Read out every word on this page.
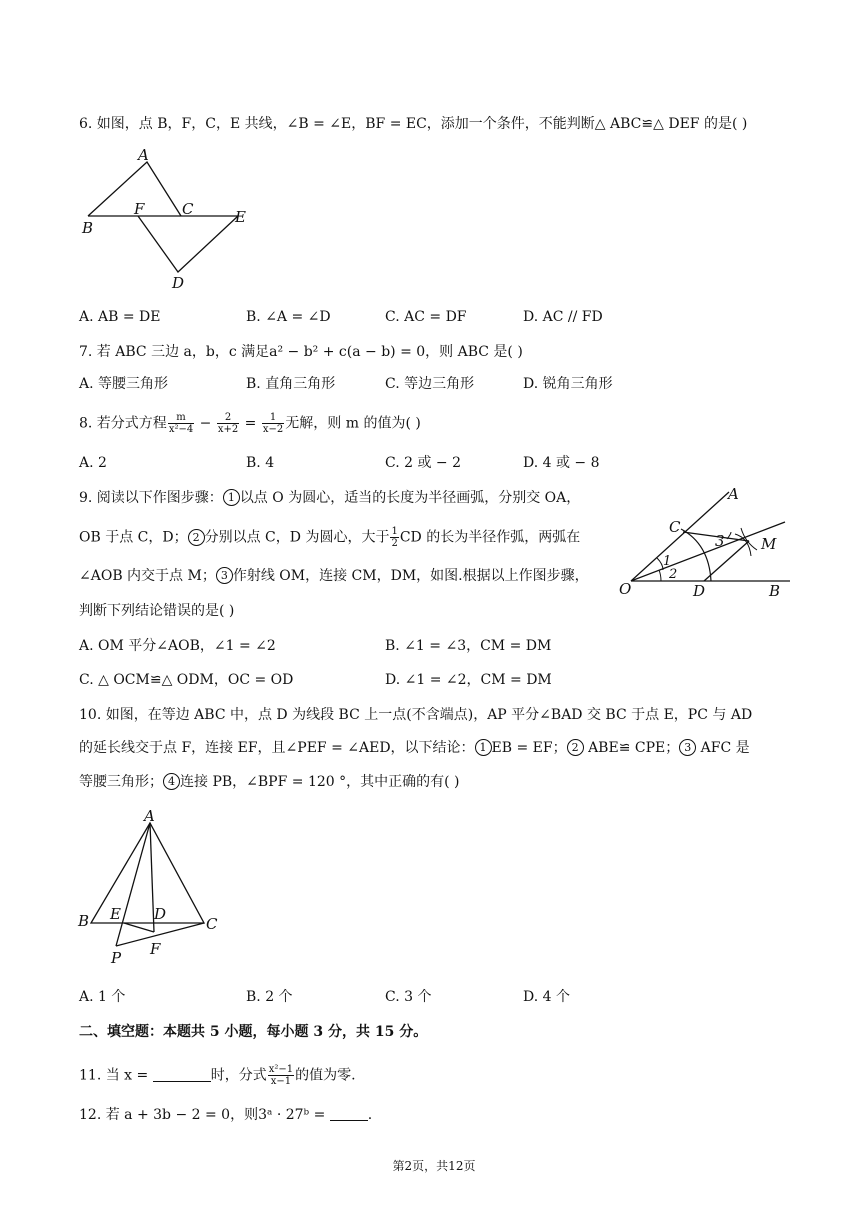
6. 如图，点 B，F，C，E 共线，∠B = ∠E，BF = EC，添加一个条件，不能判断△ ABC≌△ DEF 的是( )
A
F	C	E
B
D
A. AB = DE	B. ∠A = ∠D	C. AC = DF	D. AC // FD
7. 若 ABC 三边 a，b，c 满足a² − b² + c(a − b) = 0，则 ABC 是( )
A. 等腰三角形	B. 直角三角形	C. 等边三角形	D. 锐角三角形
8. 若分式方程 $\frac{m}{\text{x²−4}} - \frac{2}{x+2} = \frac{1}{x-2}$ 无解，则 m 的值为( )
A. 2	B. 4	C. 2 或 − 2	D. 4 或 − 8
9. 阅读以下作图步骤： 1 以点 O 为圆心，适当的长度为半径画弧，分别交 OA，
OB 于点 C，D； 2 分别以点 C，D 为圆心，大于 $\frac{1}{2}$ CD 的长为半径作弧，两弧在
∠AOB 内交于点 M； 3 作射线 OM，连接 CM，DM，如图.根据以上作图步骤，
判断下列结论错误的是( )
A
C
3 M
1
2
O	D	B
A. OM 平分∠AOB，∠1 = ∠2	B. ∠1 = ∠3，CM = DM
C. △ OCM≌△ ODM，OC = OD	D. ∠1 = ∠2，CM = DM
10. 如图，在等边 ABC 中，点 D 为线段 BC 上一点(不含端点)，AP 平分∠BAD 交 BC 于点 E，PC 与 AD
的延长线交于点 F，连接 EF，且∠PEF = ∠AED，以下结论： 1 EB = EF； 2 ABE≌ CPE； 3 AFC 是
等腰三角形； 4 连接 PB，∠BPF = 120 °，其中正确的有( )
A
B E D
C
P F
A. 1 个	B. 2 个	C. 3 个	D. 4 个
二、填空题：本题共 5 小题，每小题 3 分，共 15 分。
11. 当 x =	时，分式 $\frac{\text{x²−1}}{x-1}$ 的值为零.
12. 若 a + 3b − 2 = 0，则3ᵃ · 27ᵇ =	.
第2页，共12页
